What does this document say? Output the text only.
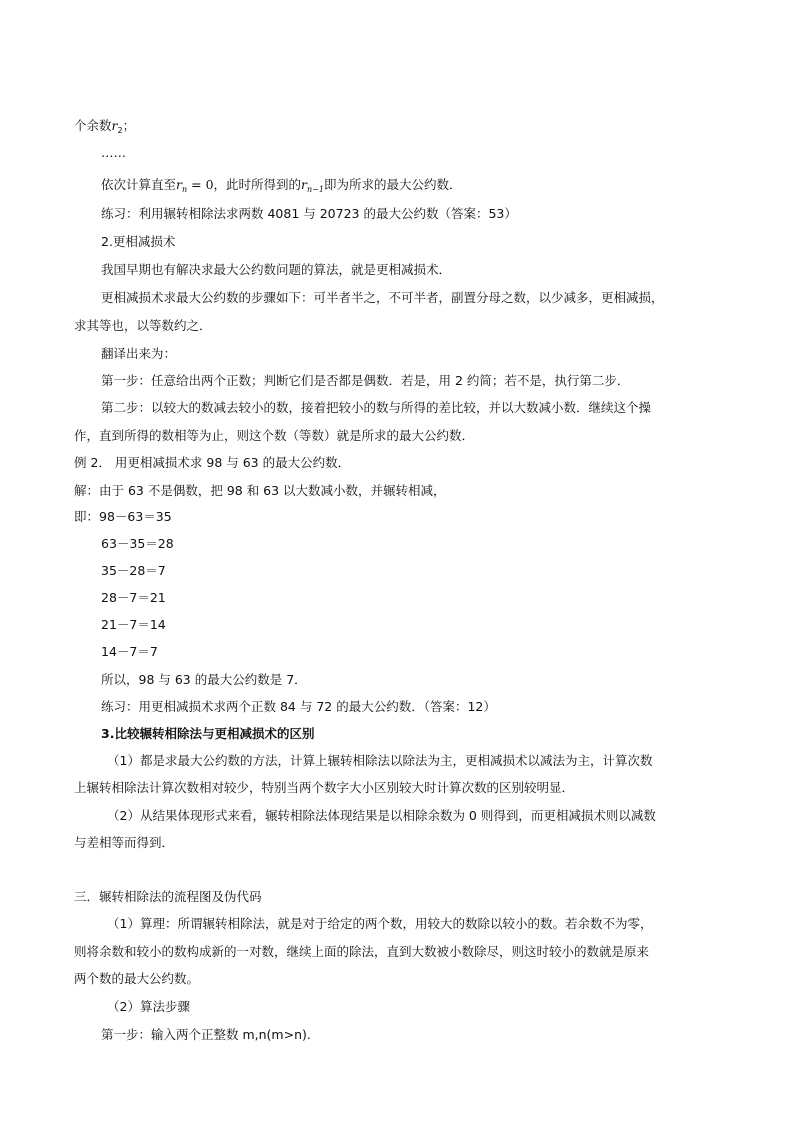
个余数$r_2$；
……
依次计算直至$r_n = 0$，此时所得到的$r_{n-1}$即为所求的最大公约数．
练习：利用辗转相除法求两数 4081 与 20723 的最大公约数（答案：53）
2.更相减损术
我国早期也有解决求最大公约数问题的算法，就是更相减损术．
更相减损术求最大公约数的步骤如下：可半者半之，不可半者，副置分母之数，以少减多，更相减损，
求其等也，以等数约之．
翻译出来为：
第一步：任意给出两个正数；判断它们是否都是偶数．若是，用 2 约简；若不是，执行第二步．
第二步：以较大的数减去较小的数，接着把较小的数与所得的差比较，并以大数减小数．继续这个操
作，直到所得的数相等为止，则这个数（等数）就是所求的最大公约数．
例 2． 用更相减损术求 98 与 63 的最大公约数．
解：由于 63 不是偶数，把 98 和 63 以大数减小数，并辗转相减，
即：98－63＝35
63－35＝28
35－28＝7
28－7＝21
21－7＝14
14－7＝7
所以，98 与 63 的最大公约数是 7．
练习：用更相减损术求两个正数 84 与 72 的最大公约数．（答案：12）
3.比较辗转相除法与更相减损术的区别
（1）都是求最大公约数的方法，计算上辗转相除法以除法为主，更相减损术以减法为主，计算次数
上辗转相除法计算次数相对较少，特别当两个数字大小区别较大时计算次数的区别较明显．
（2）从结果体现形式来看，辗转相除法体现结果是以相除余数为 0 则得到，而更相减损术则以减数
与差相等而得到．
三．辗转相除法的流程图及伪代码
（1）算理：所谓辗转相除法，就是对于给定的两个数，用较大的数除以较小的数。若余数不为零，
则将余数和较小的数构成新的一对数，继续上面的除法，直到大数被小数除尽，则这时较小的数就是原来
两个数的最大公约数。
（2）算法步骤
第一步：输入两个正整数 m,n(m>n).
